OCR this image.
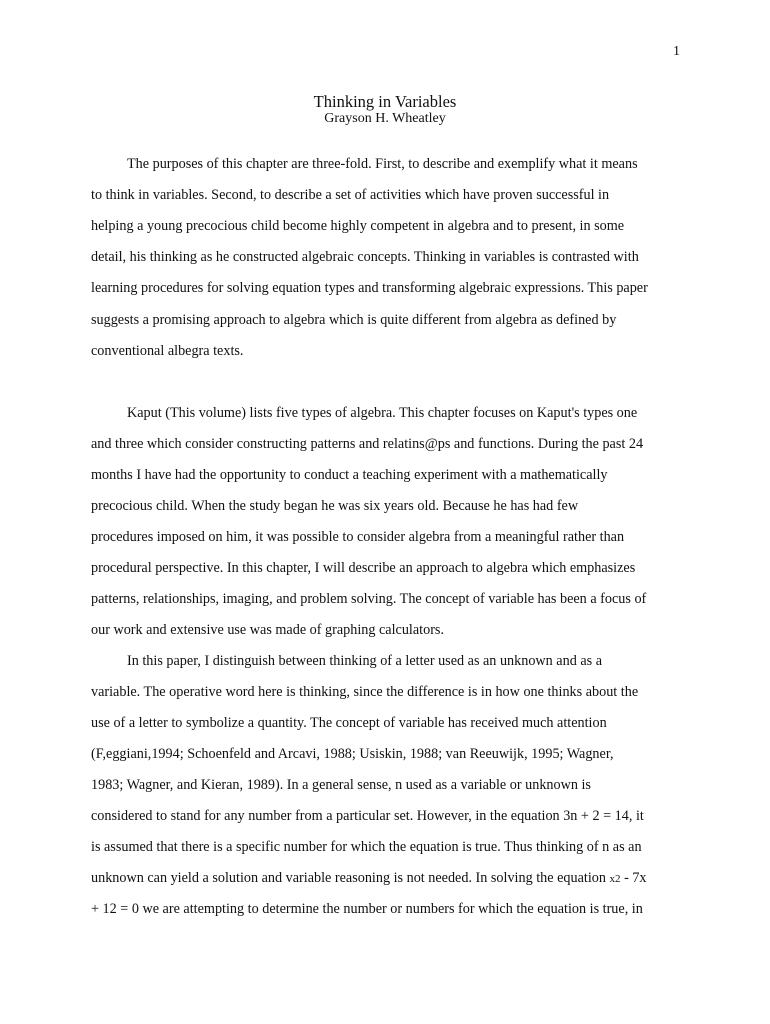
1
Thinking in Variables
Grayson H. Wheatley
The purposes of this chapter are three-fold. First, to describe and exemplify what it means
to think in variables. Second, to describe a set of activities which have proven successful in
helping a young precocious child become highly competent in algebra and to present, in some
detail, his thinking as he constructed algebraic concepts. Thinking in variables is contrasted with
learning procedures for solving equation types and transforming algebraic expressions. This paper
suggests a promising approach to algebra which is quite different from algebra as defined by
conventional albegra texts.
Kaput (This volume) lists five types of algebra. This chapter focuses on Kaput's types one
and three which consider constructing patterns and relatins@ps and functions. During the past 24
months I have had the opportunity to conduct a teaching experiment with a mathematically
precocious child. When the study began he was six years old. Because he has had few
procedures imposed on him, it was possible to consider algebra from a meaningful rather than
procedural perspective. In this chapter, I will describe an approach to algebra which emphasizes
patterns, relationships, imaging, and problem solving. The concept of variable has been a focus of
our work and extensive use was made of graphing calculators.
In this paper, I distinguish between thinking of a letter used as an unknown and as a
variable. The operative word here is thinking, since the difference is in how one thinks about the
use of a letter to symbolize a quantity. The concept of variable has received much attention
(F,eggiani,1994; Schoenfeld and Arcavi, 1988; Usiskin, 1988; van Reeuwijk, 1995; Wagner,
1983; Wagner, and Kieran, 1989). In a general sense, n used as a variable or unknown is
considered to stand for any number from a particular set. However, in the equation 3n + 2 = 14, it
is assumed that there is a specific number for which the equation is true. Thus thinking of n as an
unknown can yield a solution and variable reasoning is not needed. In solving the equation x2 - 7x
+ 12 = 0 we are attempting to determine the number or numbers for which the equation is true, in
